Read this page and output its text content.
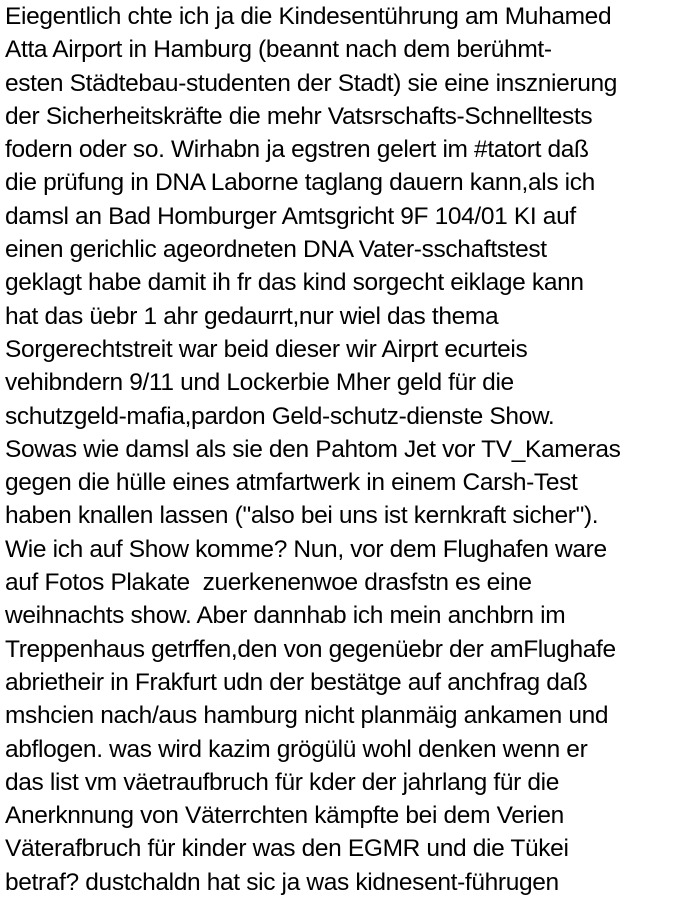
Eiegentlich chte ich ja die Kindesentührung am Muhamed
Atta Airport in Hamburg (beannt nach dem berühmt-
esten Städtebau-studenten der Stadt) sie eine insznierung
der Sicherheitskräfte die mehr Vatsrschafts-Schnelltests
fodern oder so. Wirhabn ja egstren gelert im #tatort daß
die prüfung in DNA Laborne taglang dauern kann,als ich
damsl an Bad Homburger Amtsgricht 9F 104/01 KI auf
einen gerichlic ageordneten DNA Vater-sschaftstest
geklagt habe damit ih fr das kind sorgecht eiklage kann
hat das üebr 1 ahr gedaurrt,nur wiel das thema
Sorgerechtstreit war beid dieser wir Airprt ecurteis
vehibndern 9/11 und Lockerbie Mher geld für die
schutzgeld-mafia,pardon Geld-schutz-dienste Show.
Sowas wie damsl als sie den Pahtom Jet vor TV_Kameras
gegen die hülle eines atmfartwerk in einem Carsh-Test
haben knallen lassen ("also bei uns ist kernkraft sicher").
Wie ich auf Show komme? Nun, vor dem Flughafen ware
auf Fotos Plakate  zuerkenenwoe drasfstn es eine
weihnachts show. Aber dannhab ich mein anchbrn im
Treppenhaus getrffen,den von gegenüebr der amFlughafe
abrietheir in Frakfurt udn der bestätge auf anchfrag daß
mshcien nach/aus hamburg nicht planmäig ankamen und
abflogen. was wird kazim grögülü wohl denken wenn er
das list vm väetraufbruch für kder der jahrlang für die
Anerknnung von Väterrchten kämpfte bei dem Verien
Väterafbruch für kinder was den EGMR und die Tükei
betraf? dustchaldn hat sic ja was kidnesent-führugen
